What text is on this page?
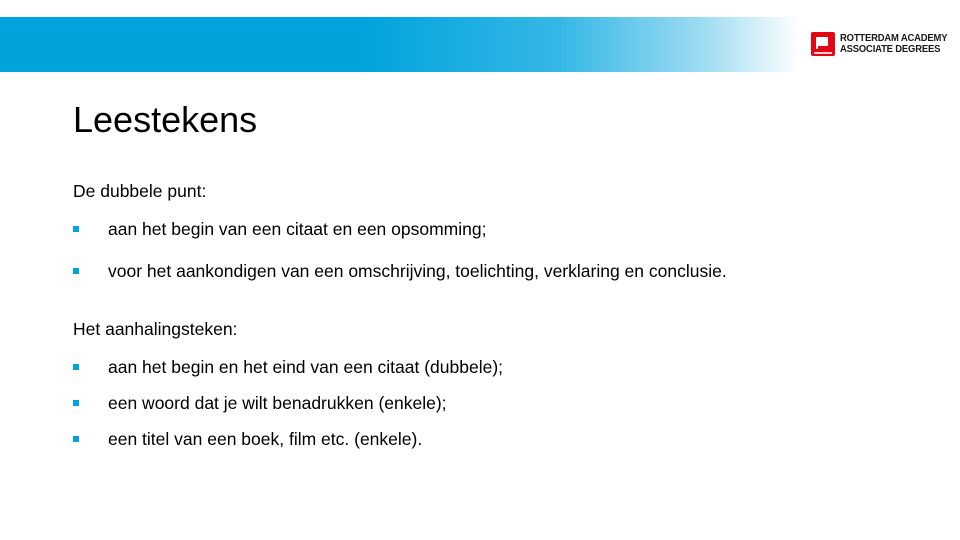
ROTTERDAM ACADEMY
ASSOCIATE DEGREES
Leestekens
De dubbele punt:
aan het begin van een citaat en een opsomming;
voor het aankondigen van een omschrijving, toelichting, verklaring en conclusie.
Het aanhalingsteken:
aan het begin en het eind van een citaat (dubbele);
een woord dat je wilt benadrukken (enkele);
een titel van een boek, film etc. (enkele).
